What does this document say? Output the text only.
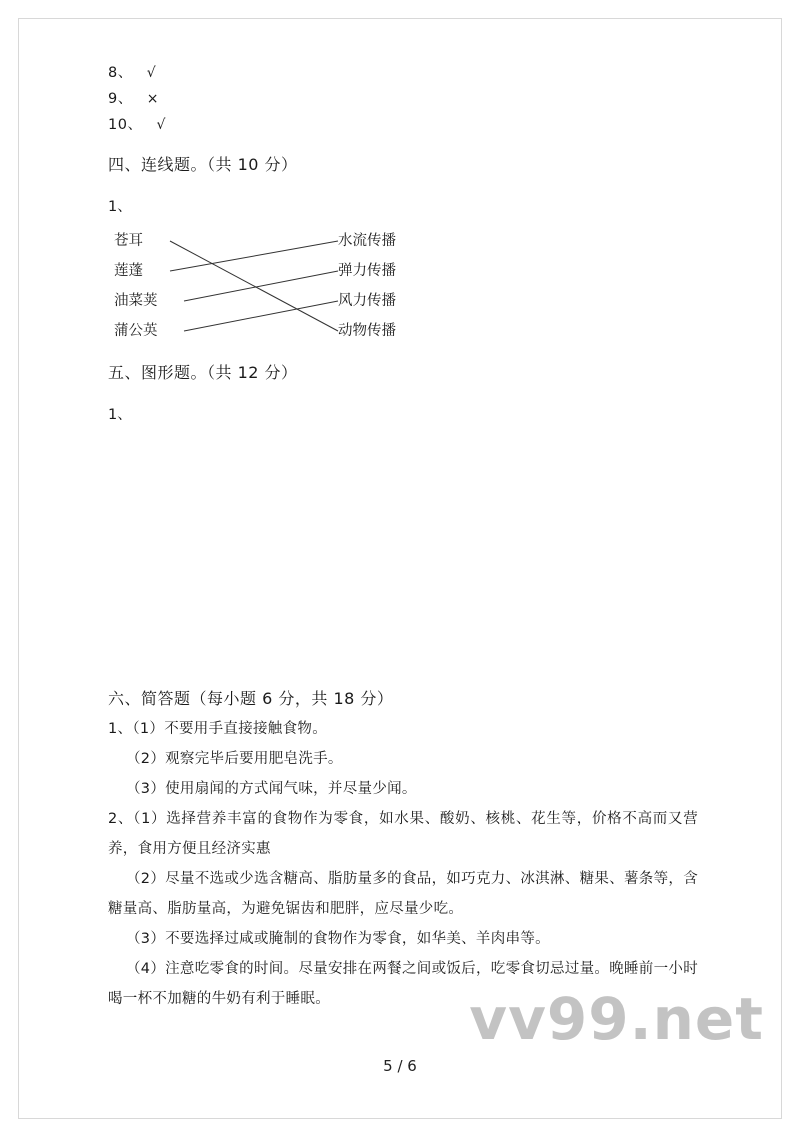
8、 √
9、 ×
10、 √
四、连线题。（共 10 分）
1、
苍耳
莲蓬
油菜荚
蒲公英
水流传播
弹力传播
风力传播
动物传播
五、图形题。（共 12 分）
1、
六、简答题（每小题 6 分，共 18 分）
1、（1）不要用手直接接触食物。
（2）观察完毕后要用肥皂洗手。
（3）使用扇闻的方式闻气味，并尽量少闻。
2、（1）选择营养丰富的食物作为零食，如水果、酸奶、核桃、花生等，价格不高而又营养，食用方便且经济实惠
（2）尽量不选或少选含糖高、脂肪量多的食品，如巧克力、冰淇淋、糖果、薯条等，含糖量高、脂肪量高，为避免锯齿和肥胖，应尽量少吃。
（3）不要选择过咸或腌制的食物作为零食，如华美、羊肉串等。
（4）注意吃零食的时间。尽量安排在两餐之间或饭后，吃零食切忌过量。晚睡前一小时喝一杯不加糖的牛奶有利于睡眠。	vv99.net
5 / 6
